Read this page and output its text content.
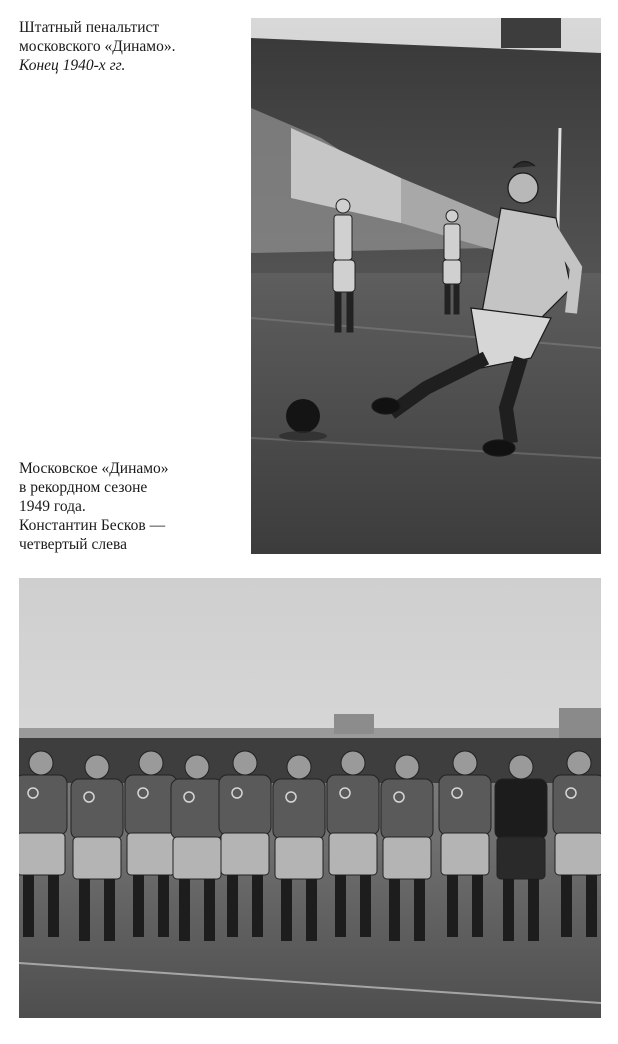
Штатный пенальтист
московского «Динамо».
Конец 1940-х гг.
Московское «Динамо»
в рекордном сезоне
1949 года.
Константин Бесков —
четвертый слева
